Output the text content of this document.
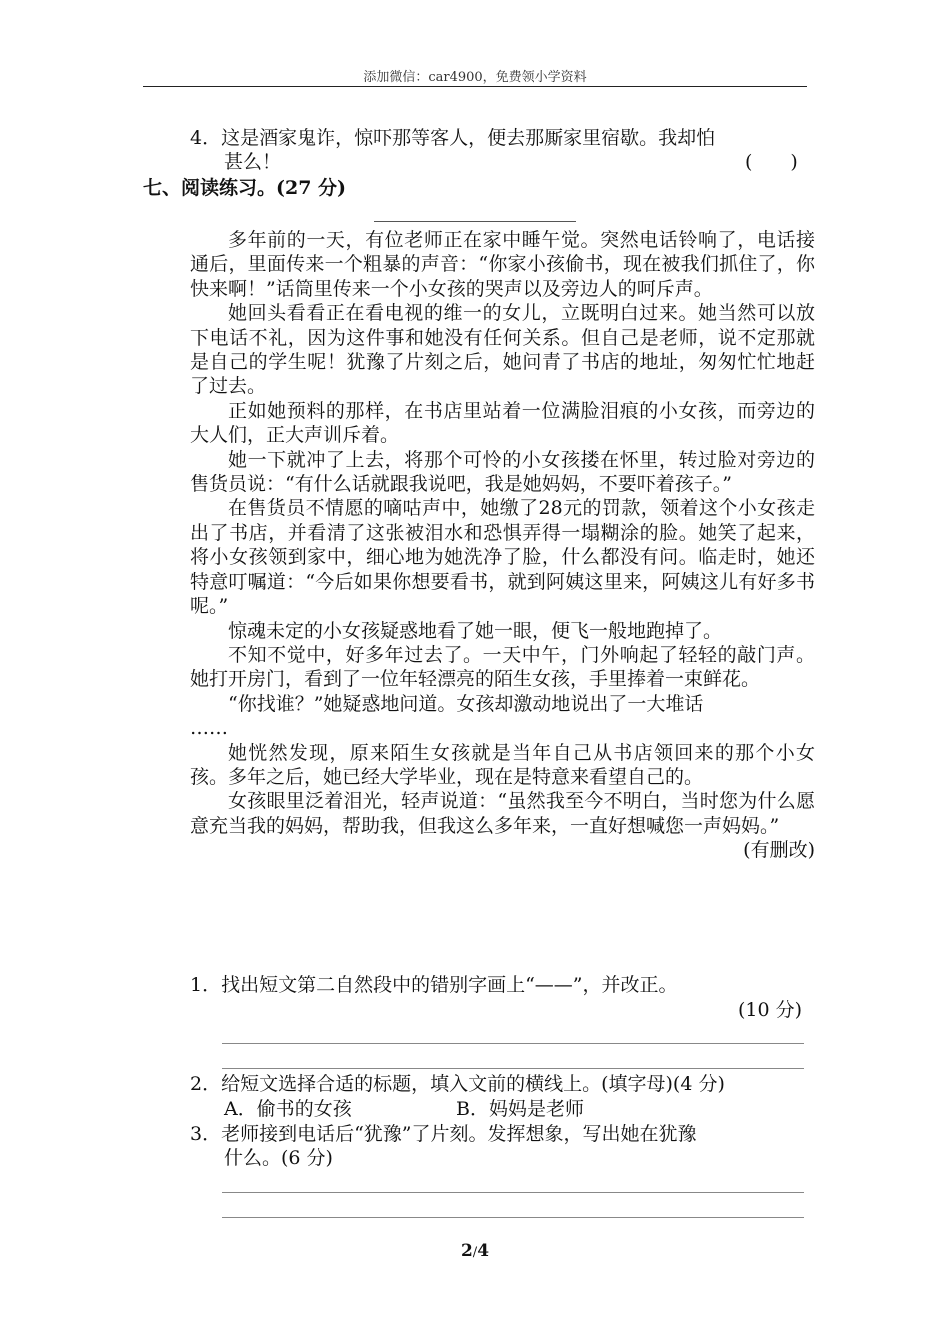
添加微信：car4900，免费领小学资料
4．这是酒家鬼诈，惊吓那等客人，便去那厮家里宿歇。我却怕
甚么！	(　　)
七、阅读练习。(27 分)

多年前的一天，有位老师正在家中睡午觉。突然电话铃响了，电话接通后，里面传来一个粗暴的声音：“你家小孩偷书，现在被我们抓住了，你快来啊！”话筒里传来一个小女孩的哭声以及旁边人的呵斥声。

她回头看看正在看电视的维一的女儿，立既明白过来。她当然可以放下电话不礼，因为这件事和她没有任何关系。但自己是老师，说不定那就是自己的学生呢！犹豫了片刻之后，她问青了书店的地址，匆匆忙忙地赶了过去。

正如她预料的那样，在书店里站着一位满脸泪痕的小女孩，而旁边的大人们，正大声训斥着。

她一下就冲了上去，将那个可怜的小女孩搂在怀里，转过脸对旁边的售货员说：“有什么话就跟我说吧，我是她妈妈，不要吓着孩子。”

在售货员不情愿的嘀咕声中，她缴了28元的罚款，领着这个小女孩走出了书店，并看清了这张被泪水和恐惧弄得一塌糊涂的脸。她笑了起来，将小女孩领到家中，细心地为她洗净了脸，什么都没有问。临走时，她还特意叮嘱道：“今后如果你想要看书，就到阿姨这里来，阿姨这儿有好多书呢。”

惊魂未定的小女孩疑惑地看了她一眼，便飞一般地跑掉了。

不知不觉中，好多年过去了。一天中午，门外响起了轻轻的敲门声。她打开房门，看到了一位年轻漂亮的陌生女孩，手里捧着一束鲜花。

“你找谁？”她疑惑地问道。女孩却激动地说出了一大堆话

……

她恍然发现，原来陌生女孩就是当年自己从书店领回来的那个小女孩。多年之后，她已经大学毕业，现在是特意来看望自己的。

女孩眼里泛着泪光，轻声说道：“虽然我至今不明白，当时您为什么愿意充当我的妈妈，帮助我，但我这么多年来，一直好想喊您一声妈妈。”

(有删改)
1．找出短文第二自然段中的错别字画上“——”，并改正。
(10 分)
2．给短文选择合适的标题，填入文前的横线上。(填字母)(4 分)
A．偷书的女孩	B．妈妈是老师
3．老师接到电话后“犹豫”了片刻。发挥想象，写出她在犹豫
什么。(6 分)
2/4
